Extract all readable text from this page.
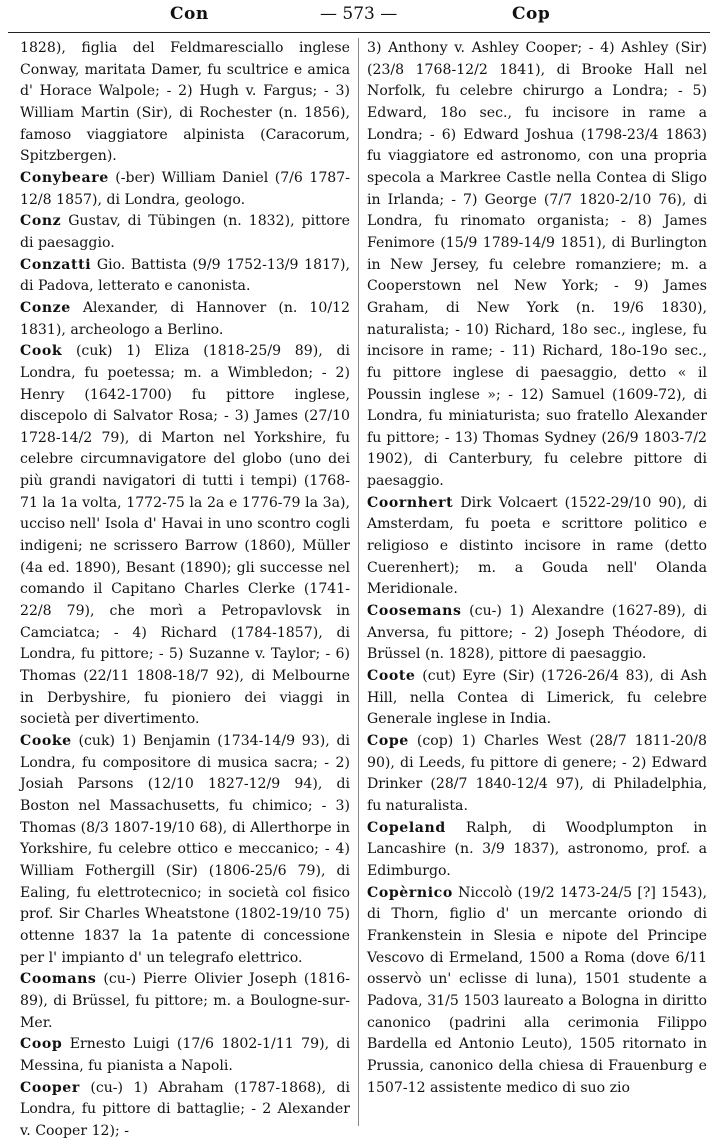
Con	— 573 —	Cop

1828), figlia del Feldmaresciallo inglese Conway, maritata Damer, fu scultrice e amica d' Horace Walpole; - 2) Hugh v. Fargus; - 3) William Martin (Sir), di Rochester (n. 1856), famoso viaggiatore alpinista (Caracorum, Spitzbergen).

Conybeare (-ber) William Daniel (7/6 1787-12/8 1857), di Londra, geologo.

Conz Gustav, di Tübingen (n. 1832), pittore di paesaggio.

Conzatti Gio. Battista (9/9 1752-13/9 1817), di Padova, letterato e canonista.

Conze Alexander, di Hannover (n. 10/12 1831), archeologo a Berlino.

Cook (cuk) 1) Eliza (1818-25/9 89), di Londra, fu poetessa; m. a Wimbledon; - 2) Henry (1642-1700) fu pittore inglese, discepolo di Salvator Rosa; - 3) James (27/10 1728-14/2 79), di Marton nel Yorkshire, fu celebre circumnavigatore del globo (uno dei più grandi navigatori di tutti i tempi) (1768-71 la 1a volta, 1772-75 la 2a e 1776-79 la 3a), ucciso nell' Isola d' Havai in uno scontro cogli indigeni; ne scrissero Barrow (1860), Müller (4a ed. 1890), Besant (1890); gli successe nel comando il Capitano Charles Clerke (1741-22/8 79), che morì a Petropavlovsk in Camciatca; - 4) Richard (1784-1857), di Londra, fu pittore; - 5) Suzanne v. Taylor; - 6) Thomas (22/11 1808-18/7 92), di Melbourne in Derbyshire, fu pioniero dei viaggi in società per divertimento.

Cooke (cuk) 1) Benjamin (1734-14/9 93), di Londra, fu compositore di musica sacra; - 2) Josiah Parsons (12/10 1827-12/9 94), di Boston nel Massachusetts, fu chimico; - 3) Thomas (8/3 1807-19/10 68), di Allerthorpe in Yorkshire, fu celebre ottico e meccanico; - 4) William Fothergill (Sir) (1806-25/6 79), di Ealing, fu elettrotecnico; in società col fisico prof. Sir Charles Wheatstone (1802-19/10 75) ottenne 1837 la 1a patente di concessione per l' impianto d' un telegrafo elettrico.

Coomans (cu-) Pierre Olivier Joseph (1816-89), di Brüssel, fu pittore; m. a Boulogne-sur-Mer.

Coop Ernesto Luigi (17/6 1802-1/11 79), di Messina, fu pianista a Napoli.

Cooper (cu-) 1) Abraham (1787-1868), di Londra, fu pittore di battaglie; - 2 Alexander v. Cooper 12); -

3) Anthony v. Ashley Cooper; - 4) Ashley (Sir) (23/8 1768-12/2 1841), di Brooke Hall nel Norfolk, fu celebre chirurgo a Londra; - 5) Edward, 18o sec., fu incisore in rame a Londra; - 6) Edward Joshua (1798-23/4 1863) fu viaggiatore ed astronomo, con una propria specola a Markree Castle nella Contea di Sligo in Irlanda; - 7) George (7/7 1820-2/10 76), di Londra, fu rinomato organista; - 8) James Fenimore (15/9 1789-14/9 1851), di Burlington in New Jersey, fu celebre romanziere; m. a Cooperstown nel New York; - 9) James Graham, di New York (n. 19/6 1830), naturalista; - 10) Richard, 18o sec., inglese, fu incisore in rame; - 11) Richard, 18o-19o sec., fu pittore inglese di paesaggio, detto « il Poussin inglese »; - 12) Samuel (1609-72), di Londra, fu miniaturista; suo fratello Alexander fu pittore; - 13) Thomas Sydney (26/9 1803-7/2 1902), di Canterbury, fu celebre pittore di paesaggio.

Coornhert Dirk Volcaert (1522-29/10 90), di Amsterdam, fu poeta e scrittore politico e religioso e distinto incisore in rame (detto Cuerenhert); m. a Gouda nell' Olanda Meridionale.

Coosemans (cu-) 1) Alexandre (1627-89), di Anversa, fu pittore; - 2) Joseph Théodore, di Brüssel (n. 1828), pittore di paesaggio.

Coote (cut) Eyre (Sir) (1726-26/4 83), di Ash Hill, nella Contea di Limerick, fu celebre Generale inglese in India.

Cope (cop) 1) Charles West (28/7 1811-20/8 90), di Leeds, fu pittore di genere; - 2) Edward Drinker (28/7 1840-12/4 97), di Philadelphia, fu naturalista.

Copeland Ralph, di Woodplumpton in Lancashire (n. 3/9 1837), astronomo, prof. a Edimburgo.

Copèrnico Niccolò (19/2 1473-24/5 [?] 1543), di Thorn, figlio d' un mercante oriondo di Frankenstein in Slesia e nipote del Principe Vescovo di Ermeland, 1500 a Roma (dove 6/11 osservò un' eclisse di luna), 1501 studente a Padova, 31/5 1503 laureato a Bologna in diritto canonico (padrini alla cerimonia Filippo Bardella ed Antonio Leuto), 1505 ritornato in Prussia, canonico della chiesa di Frauenburg e 1507-12 assistente medico di suo zio
